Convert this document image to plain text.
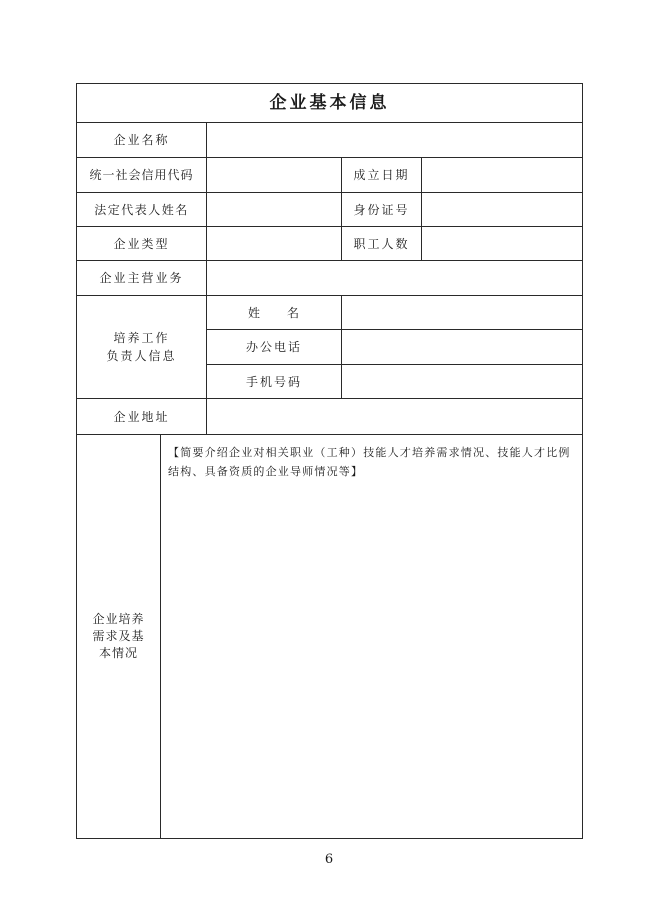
企业基本信息
企业名称
统一社会信用代码	成立日期
法定代表人姓名	身份证号
企业类型	职工人数
企业主营业务
培养工作
负责人信息
姓　　名
办公电话
手机号码
企业地址
企业培养需求及基本情况
【简要介绍企业对相关职业（工种）技能人才培养需求情况、技能人才比例结构、具备资质的企业导师情况等】
6
